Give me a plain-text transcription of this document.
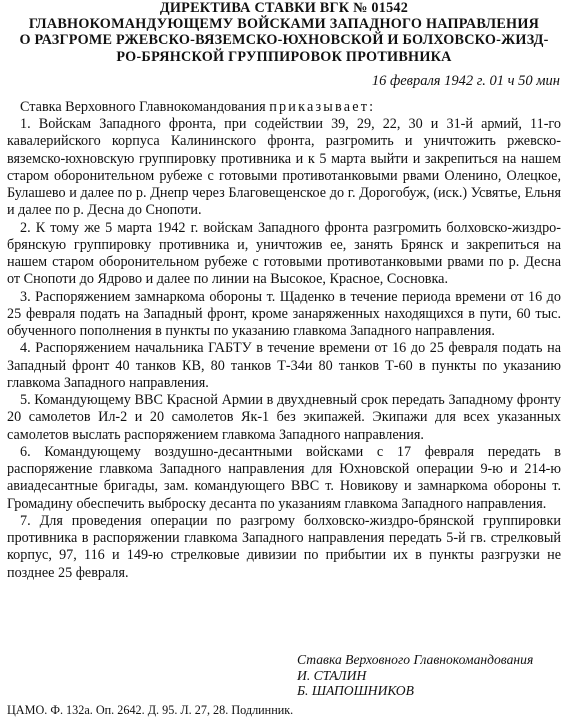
ДИРЕКТИВА СТАВКИ ВГК № 01542
ГЛАВНОКОМАНДУЮЩЕМУ ВОЙСКАМИ ЗАПАДНОГО НАПРАВЛЕНИЯ
О РАЗГРОМЕ РЖЕВСКО-ВЯЗЕМСКО-ЮХНОВСКОЙ И БОЛХОВСКО-ЖИЗД-
РО-БРЯНСКОЙ ГРУППИРОВОК ПРОТИВНИКА
16 февраля 1942 г. 01 ч 50 мин

Ставка Верховного Главнокомандования приказывает:

1. Войскам Западного фронта, при содействии 39, 29, 22, 30 и 31-й армий, 11-го кавалерийского корпуса Калининского фронта, разгромить и уничтожить ржевско-вяземско-юхновскую группировку противника и к 5 марта выйти и закрепиться на нашем старом оборонительном рубеже с готовыми противотанковыми рвами Оленино, Олецкое, Булашево и далее по р. Днепр через Благовещенское до г. Дорогобуж, (иск.) Усвятье, Ельня и далее по р. Десна до Снопоти.

2. К тому же 5 марта 1942 г. войскам Западного фронта разгромить болховско-жиздро-брянскую группировку противника и, уничтожив ее, занять Брянск и закрепиться на нашем старом оборонительном рубеже с готовыми противотанковыми рвами по р. Десна от Снопоти до Ядрово и далее по линии на Высокое, Красное, Сосновка.

3. Распоряжением замнаркома обороны т. Щаденко в течение периода времени от 16 до 25 февраля подать на Западный фронт, кроме занаряженных находящихся в пути, 60 тыс. обученного пополнения в пункты по указанию главкома Западного направления.

4. Распоряжением начальника ГАБТУ в течение времени от 16 до 25 февраля подать на Западный фронт 40 танков КВ, 80 танков Т-34и 80 танков Т-60 в пункты по указанию главкома Западного направления.

5. Командующему ВВС Красной Армии в двухдневный срок передать Западному фронту 20 самолетов Ил-2 и 20 самолетов Як-1 без экипажей. Экипажи для всех указанных самолетов выслать распоряжением главкома Западного направления.

6. Командующему воздушно-десантными войсками с 17 февраля передать в распоряжение главкома Западного направления для Юхновской операции 9-ю и 214-ю авиадесантные бригады, зам. командующего ВВС т. Новикову и замнаркома обороны т. Громадину обеспечить выброску десанта по указаниям главкома Западного направления.

7. Для проведения операции по разгрому болховско-жиздро-брянской группировки противника в распоряжении главкома Западного направления передать 5-й гв. стрелковый корпус, 97, 116 и 149-ю стрелковые дивизии по прибытии их в пункты разгрузки не позднее 25 февраля.

Ставка Верховного Главнокомандования
И. СТАЛИН
Б. ШАПОШНИКОВ
ЦАМО. Ф. 132а. Оп. 2642. Д. 95. Л. 27, 28. Подлинник.
